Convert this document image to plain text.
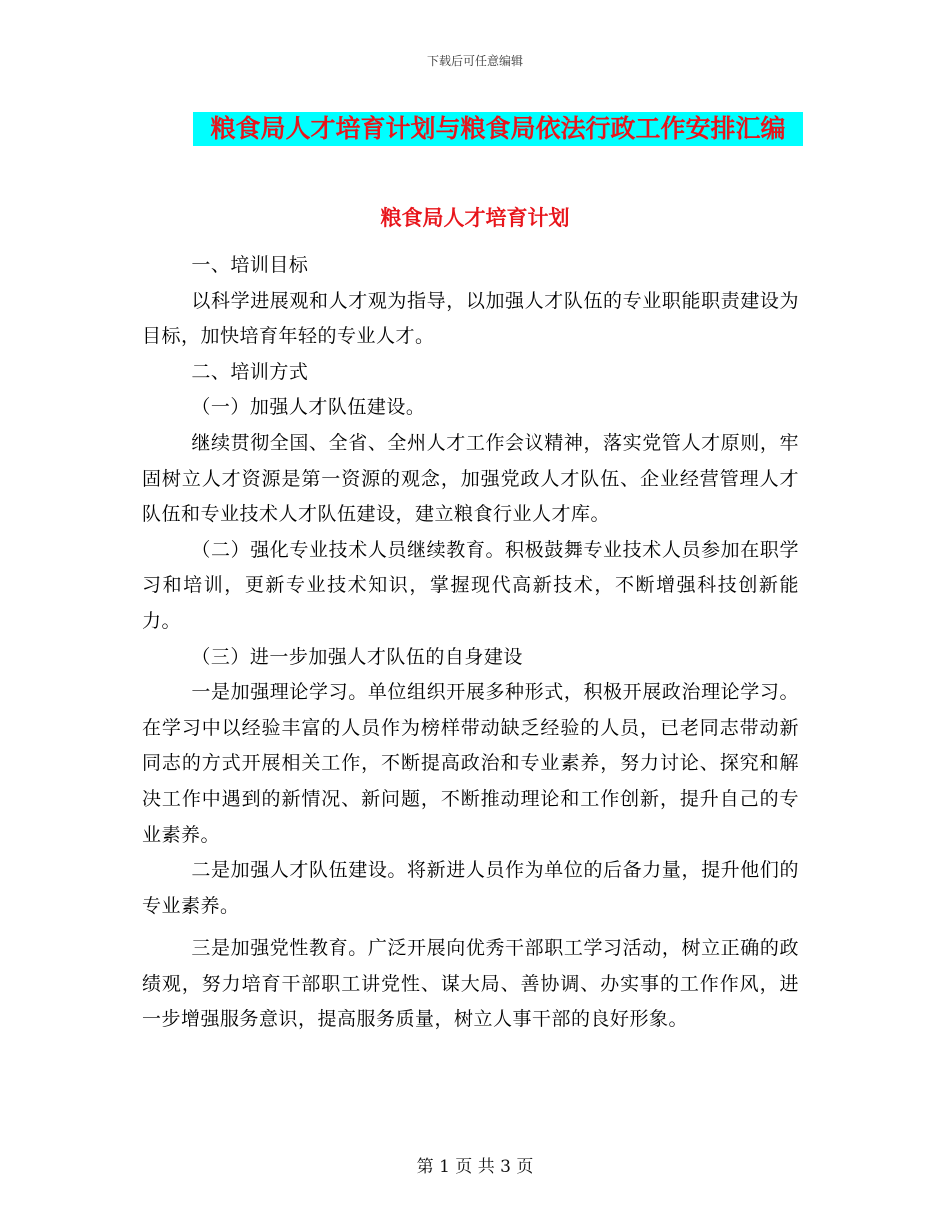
下载后可任意编辑
粮食局人才培育计划与粮食局依法行政工作安排汇编
粮食局人才培育计划

一、培训目标

以科学进展观和人才观为指导，以加强人才队伍的专业职能职责建设为目标，加快培育年轻的专业人才。

二、培训方式

（一）加强人才队伍建设。

继续贯彻全国、全省、全州人才工作会议精神，落实党管人才原则，牢固树立人才资源是第一资源的观念，加强党政人才队伍、企业经营管理人才队伍和专业技术人才队伍建设，建立粮食行业人才库。

（二）强化专业技术人员继续教育。积极鼓舞专业技术人员参加在职学习和培训，更新专业技术知识，掌握现代高新技术，不断增强科技创新能力。

（三）进一步加强人才队伍的自身建设

一是加强理论学习。单位组织开展多种形式，积极开展政治理论学习。在学习中以经验丰富的人员作为榜样带动缺乏经验的人员，已老同志带动新同志的方式开展相关工作，不断提高政治和专业素养，努力讨论、探究和解决工作中遇到的新情况、新问题，不断推动理论和工作创新，提升自己的专业素养。

二是加强人才队伍建设。将新进人员作为单位的后备力量，提升他们的专业素养。

三是加强党性教育。广泛开展向优秀干部职工学习活动，树立正确的政绩观，努力培育干部职工讲党性、谋大局、善协调、办实事的工作作风，进一步增强服务意识，提高服务质量，树立人事干部的良好形象。

第 1 页 共 3 页
